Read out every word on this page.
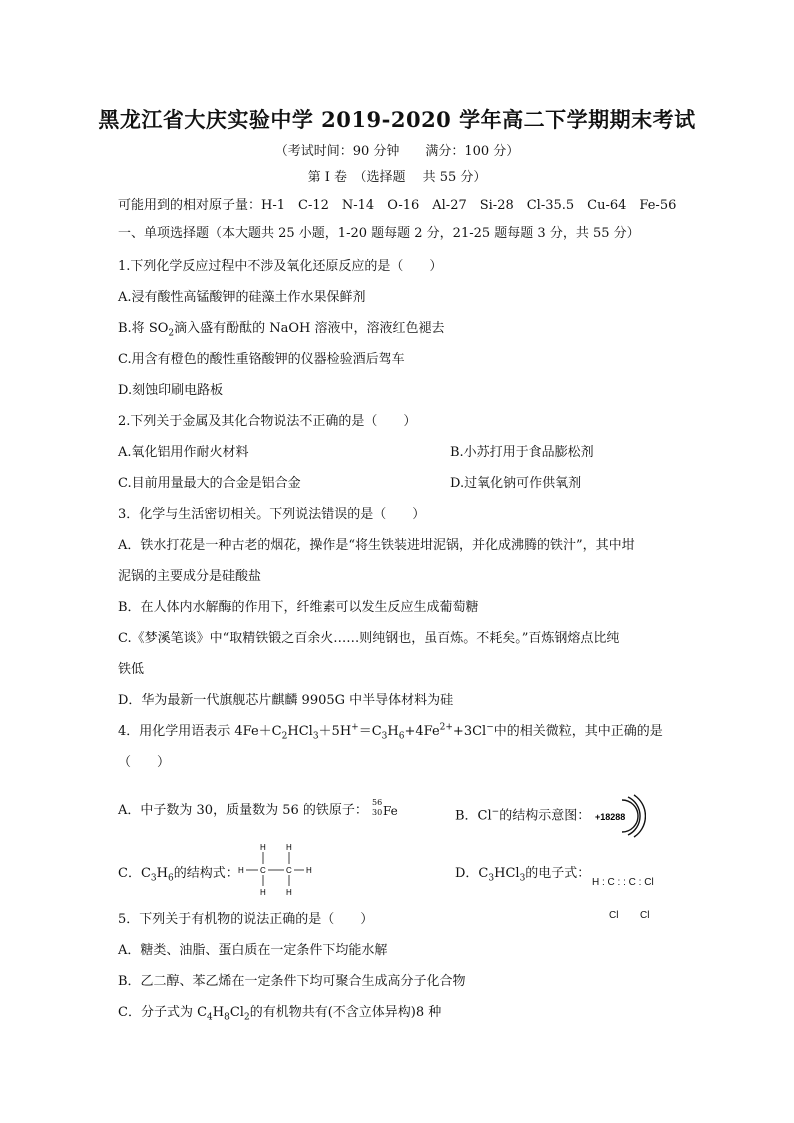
黑龙江省大庆实验中学 2019-2020 学年高二下学期期末考试
（考试时间：90 分钟　　满分：100 分）
第 I 卷　（选择题　 共 55 分）
可能用到的相对原子量：H-1　C-12　N-14　O-16　Al-27　Si-28　Cl-35.5　Cu-64　Fe-56
一、单项选择题（本大题共 25 小题，1-20 题每题 2 分，21-25 题每题 3 分，共 55 分）
1.下列化学反应过程中不涉及氧化还原反应的是（　　）
A.浸有酸性高锰酸钾的硅藻土作水果保鲜剂
B.将 $SO_2$滴入盛有酚酞的 NaOH 溶液中，溶液红色褪去
C.用含有橙色的酸性重铬酸钾的仪器检验酒后驾车
D.刻蚀印刷电路板
2.下列关于金属及其化合物说法不正确的是（　　）
A.氧化铝用作耐火材料	B.小苏打用于食品膨松剂
C.目前用量最大的合金是铝合金	D.过氧化钠可作供氧剂
3．化学与生活密切相关。下列说法错误的是（　　）
A．铁水打花是一种古老的烟花，操作是“将生铁装进坩泥锅，并化成沸腾的铁汁”，其中坩
泥锅的主要成分是硅酸盐
B．在人体内水解酶的作用下，纤维素可以发生反应生成葡萄糖
C.《梦溪笔谈》中“取精铁锻之百余火……则纯钢也，虽百炼。不耗矣。”百炼钢熔点比纯
铁低
D．华为最新一代旗舰芯片麒麟 9905G 中半导体材料为硅
4．用化学用语表示 $4Fe+C_2HCl_3+5H^+=C_3H_6+4Fe^{2+}+3Cl^-$中的相关微粒，其中正确的是
（　　）
A．中子数为 30，质量数为 56 的铁原子：
56
30 Fe	B．Cl−的结构示意图： +18288
C．$C_3H_6$的结构式： H C	C H
H	H
H	H
D．$C_3HCl_3$的电子式：

H : C : : C : Cl

Cl

Cl

5．下列关于有机物的说法正确的是（　　）
A．糖类、油脂、蛋白质在一定条件下均能水解
B．乙二醇、苯乙烯在一定条件下均可聚合生成高分子化合物
C．分子式为 $C_4H_8Cl_2$的有机物共有(不含立体异构)8 种
